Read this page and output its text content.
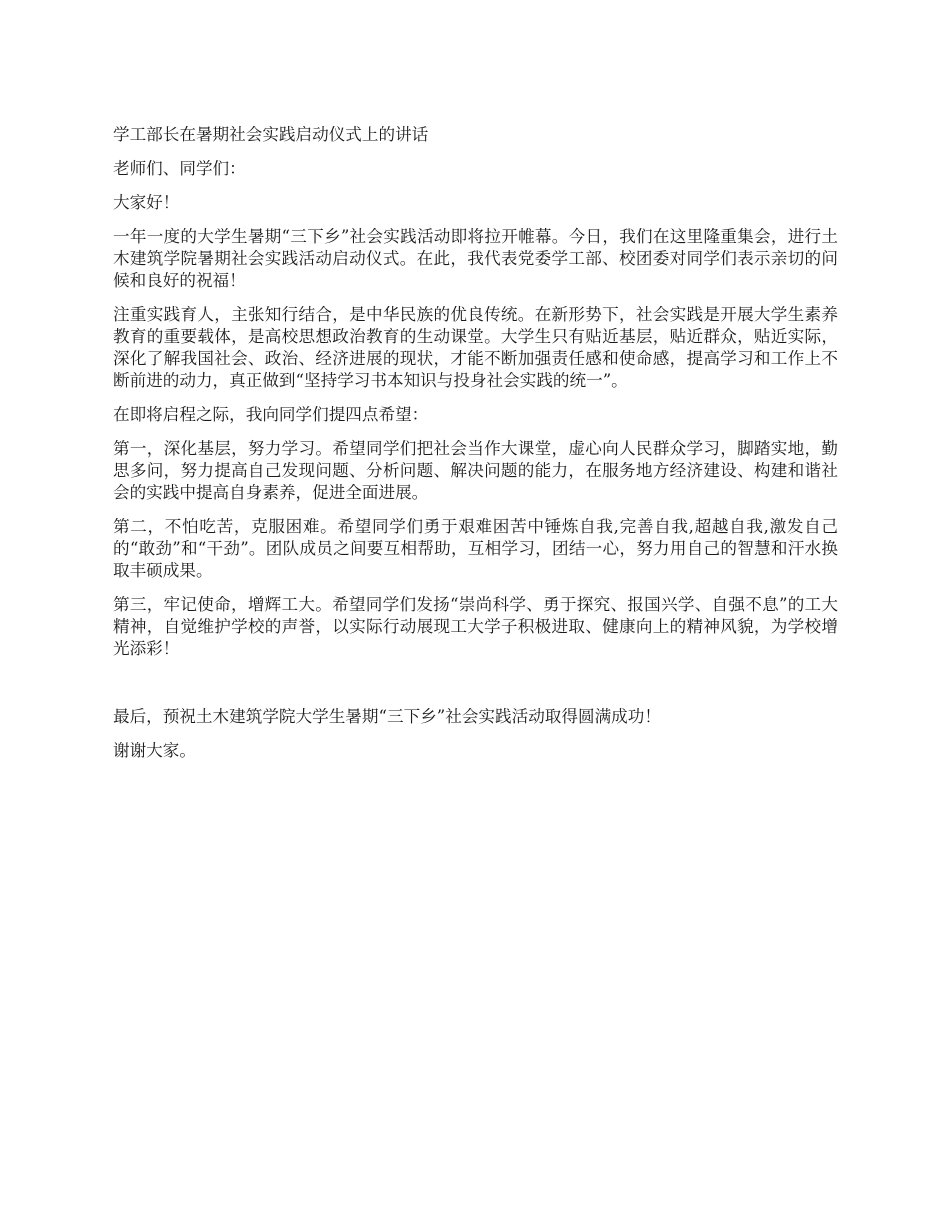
学工部长在暑期社会实践启动仪式上的讲话

老师们、同学们：

大家好！

一年一度的大学生暑期“三下乡”社会实践活动即将拉开帷幕。今日，我们在这里隆重集会，进行土木建筑学院暑期社会实践活动启动仪式。在此，我代表党委学工部、校团委对同学们表示亲切的问候和良好的祝福！

注重实践育人，主张知行结合，是中华民族的优良传统。在新形势下，社会实践是开展大学生素养教育的重要载体，是高校思想政治教育的生动课堂。大学生只有贴近基层，贴近群众，贴近实际，深化了解我国社会、政治、经济进展的现状，才能不断加强责任感和使命感，提高学习和工作上不断前进的动力，真正做到“坚持学习书本知识与投身社会实践的统一”。

在即将启程之际，我向同学们提四点希望：

第一，深化基层，努力学习。希望同学们把社会当作大课堂，虚心向人民群众学习，脚踏实地，勤思多问，努力提高自己发现问题、分析问题、解决问题的能力，在服务地方经济建设、构建和谐社会的实践中提高自身素养，促进全面进展。

第二，不怕吃苦，克服困难。希望同学们勇于艰难困苦中锤炼自我,完善自我,超越自我,激发自己的“敢劲”和“干劲”。团队成员之间要互相帮助，互相学习，团结一心，努力用自己的智慧和汗水换取丰硕成果。

第三，牢记使命，增辉工大。希望同学们发扬“崇尚科学、勇于探究、报国兴学、自强不息”的工大精神，自觉维护学校的声誉，以实际行动展现工大学子积极进取、健康向上的精神风貌，为学校增光添彩！

最后，预祝土木建筑学院大学生暑期“三下乡”社会实践活动取得圆满成功！

谢谢大家。
